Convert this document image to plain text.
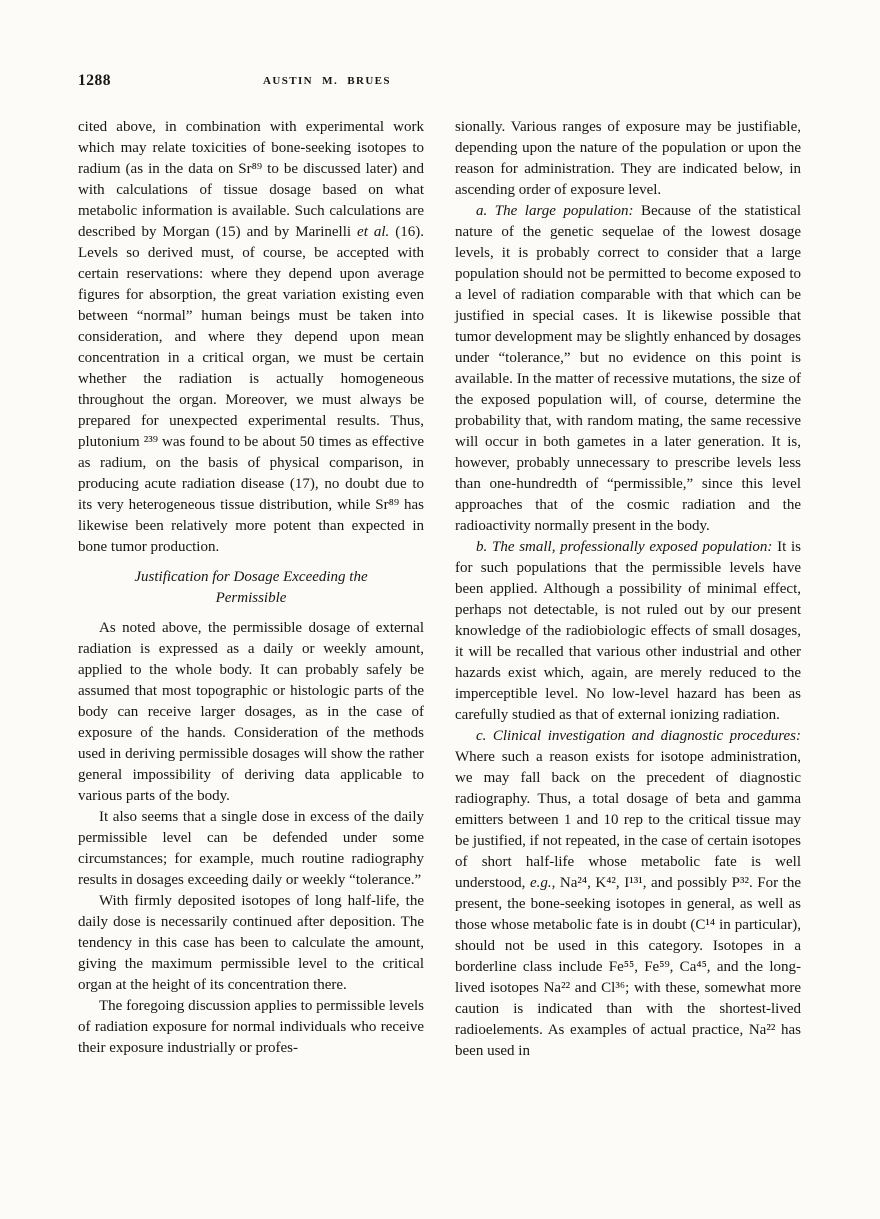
1288	AUSTIN M. BRUES

cited above, in combination with experimental work which may relate toxicities of bone-seeking isotopes to radium (as in the data on Sr⁸⁹ to be discussed later) and with calculations of tissue dosage based on what metabolic information is available. Such calculations are described by Morgan (15) and by Marinelli et al. (16). Levels so derived must, of course, be accepted with certain reservations: where they depend upon average figures for absorption, the great variation existing even between “normal” human beings must be taken into consideration, and where they depend upon mean concentration in a critical organ, we must be certain whether the radiation is actually homogeneous throughout the organ. Moreover, we must always be prepared for unexpected experimental results. Thus, plutonium ²³⁹ was found to be about 50 times as effective as radium, on the basis of physical comparison, in producing acute radiation disease (17), no doubt due to its very heterogeneous tissue distribution, while Sr⁸⁹ has likewise been relatively more potent than expected in bone tumor production.

Justification for Dosage Exceeding the
Permissible

As noted above, the permissible dosage of external radiation is expressed as a daily or weekly amount, applied to the whole body. It can probably safely be assumed that most topographic or histologic parts of the body can receive larger dosages, as in the case of exposure of the hands. Consideration of the methods used in deriving permissible dosages will show the rather general impossibility of deriving data applicable to various parts of the body.

It also seems that a single dose in excess of the daily permissible level can be defended under some circumstances; for example, much routine radiography results in dosages exceeding daily or weekly “tolerance.”

With firmly deposited isotopes of long half-life, the daily dose is necessarily continued after deposition. The tendency in this case has been to calculate the amount, giving the maximum permissible level to the critical organ at the height of its concentration there.

The foregoing discussion applies to permissible levels of radiation exposure for normal individuals who receive their exposure industrially or profes-

sionally. Various ranges of exposure may be justifiable, depending upon the nature of the population or upon the reason for administration. They are indicated below, in ascending order of exposure level.

a. The large population: Because of the statistical nature of the genetic sequelae of the lowest dosage levels, it is probably correct to consider that a large population should not be permitted to become exposed to a level of radiation comparable with that which can be justified in special cases. It is likewise possible that tumor development may be slightly enhanced by dosages under “tolerance,” but no evidence on this point is available. In the matter of recessive mutations, the size of the exposed population will, of course, determine the probability that, with random mating, the same recessive will occur in both gametes in a later generation. It is, however, probably unnecessary to prescribe levels less than one-hundredth of “permissible,” since this level approaches that of the cosmic radiation and the radioactivity normally present in the body.

b. The small, professionally exposed population: It is for such populations that the permissible levels have been applied. Although a possibility of minimal effect, perhaps not detectable, is not ruled out by our present knowledge of the radiobiologic effects of small dosages, it will be recalled that various other industrial and other hazards exist which, again, are merely reduced to the imperceptible level. No low-level hazard has been as carefully studied as that of external ionizing radiation.

c. Clinical investigation and diagnostic procedures: Where such a reason exists for isotope administration, we may fall back on the precedent of diagnostic radiography. Thus, a total dosage of beta and gamma emitters between 1 and 10 rep to the critical tissue may be justified, if not repeated, in the case of certain isotopes of short half-life whose metabolic fate is well understood, e.g., Na²⁴, K⁴², I¹³¹, and possibly P³². For the present, the bone-seeking isotopes in general, as well as those whose metabolic fate is in doubt (C¹⁴ in particular), should not be used in this category. Isotopes in a borderline class include Fe⁵⁵, Fe⁵⁹, Ca⁴⁵, and the long-lived isotopes Na²² and Cl³⁶; with these, somewhat more caution is indicated than with the shortest-lived radioelements. As examples of actual practice, Na²² has been used in
